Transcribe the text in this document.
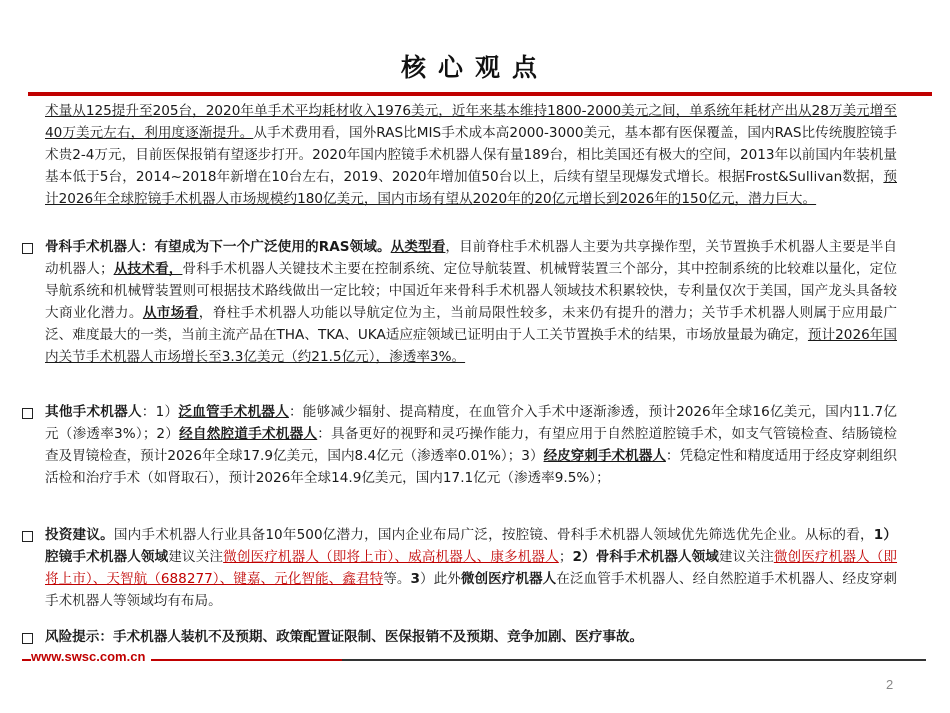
核心观点
术量从125提升至205台，2020年单手术平均耗材收入1976美元，近年来基本维持1800-2000美元之间，单系统年耗材产出从28万美元增至40万美元左右，利用度逐渐提升。从手术费用看，国外RAS比MIS手术成本高2000-3000美元，基本都有医保覆盖，国内RAS比传统腹腔镜手术贵2-4万元，目前医保报销有望逐步打开。2020年国内腔镜手术机器人保有量189台，相比美国还有极大的空间，2013年以前国内年装机量基本低于5台，2014~2018年新增在10台左右，2019、2020年增加值50台以上，后续有望呈现爆发式增长。根据Frost&Sullivan数据，预计2026年全球腔镜手术机器人市场规模约180亿美元，国内市场有望从2020年的20亿元增长到2026年的150亿元，潜力巨大。
骨科手术机器人：有望成为下一个广泛使用的RAS领域。从类型看，目前脊柱手术机器人主要为共享操作型，关节置换手术机器人主要是半自动机器人；从技术看，骨科手术机器人关键技术主要在控制系统、定位导航装置、机械臂装置三个部分，其中控制系统的比较难以量化，定位导航系统和机械臂装置则可根据技术路线做出一定比较；中国近年来骨科手术机器人领域技术积累较快，专利量仅次于美国，国产龙头具备较大商业化潜力。从市场看，脊柱手术机器人功能以导航定位为主，当前局限性较多，未来仍有提升的潜力；关节手术机器人则属于应用最广泛、难度最大的一类，当前主流产品在THA、TKA、UKA适应症领域已证明由于人工关节置换手术的结果，市场放量最为确定，预计2026年国内关节手术机器人市场增长至3.3亿美元（约21.5亿元），渗透率3%。
其他手术机器人：1）泛血管手术机器人：能够减少辐射、提高精度，在血管介入手术中逐渐渗透，预计2026年全球16亿美元，国内11.7亿元（渗透率3%）；2）经自然腔道手术机器人：具备更好的视野和灵巧操作能力，有望应用于自然腔道腔镜手术，如支气管镜检查、结肠镜检查及胃镜检查，预计2026年全球17.9亿美元，国内8.4亿元（渗透率0.01%）；3）经皮穿刺手术机器人：凭稳定性和精度适用于经皮穿刺组织活检和治疗手术（如肾取石），预计2026年全球14.9亿美元，国内17.1亿元（渗透率9.5%）；
投资建议。国内手术机器人行业具备10年500亿潜力，国内企业布局广泛，按腔镜、骨科手术机器人领域优先筛选优先企业。从标的看，1）腔镜手术机器人领域建议关注微创医疗机器人（即将上市）、威高机器人、康多机器人；2）骨科手术机器人领域建议关注微创医疗机器人（即将上市）、天智航（688277）、键嘉、元化智能、鑫君特等。3）此外微创医疗机器人在泛血管手术机器人、经自然腔道手术机器人、经皮穿刺手术机器人等领域均有布局。
风险提示：手术机器人装机不及预期、政策配置证限制、医保报销不及预期、竞争加剧、医疗事故。
www.swsc.com.cn
2
